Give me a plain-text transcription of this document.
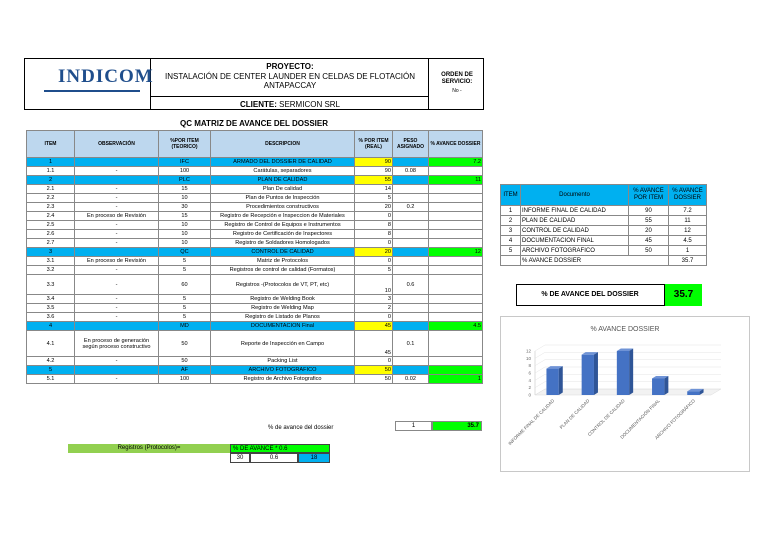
INDICOM	PROYECTO:
INSTALACIÓN DE CENTER LAUNDER EN CELDAS DE FLOTACIÓN
ANTAPACCAY
ORDEN DE
SERVICIO:
No -
CLIENTE: SERMICON SRL
QC MATRIZ DE AVANCE DEL DOSSIER
ITEM	OBSERVACIÓN	%POR ITEM (TEORICO)	DESCRIPCION	% POR ITEM (REAL)	PESO ASIGNADO	% AVANCE DOSSIER
1		IFC	ARMADO DEL DOSSIER DE CALIDAD	90		7.2
1.1	-	100	Carátulas, separadores	90	0.08	
2		PLC	PLAN DE CALIDAD	55		11
2.1	-	15	Plan De calidad	14		
2.2	-	10	Plan de Puntos de Inspección	5		
2.3	-	30	Procedimientos constructivos	20	0.2	
2.4	En proceso de Revisión	15	Registro de Recepción e Inspeccion de Materiales	0		
2.5	-	10	Registro de Control de Equipos e Instrumentos	8		
2.6	-	10	Registro de Certificación de Inspectores	8		
2.7	-	10	Registro de Soldadores Homologados	0		
3		QC	CONTROL DE CALIDAD	20		12
3.1	En proceso de Revisión	5	Matriz de Protocolos	0		
3.2	-	5	Registros de control de calidad (Formatos)	5		
3.3	-	60	Registros -(Protocolos de VT, PT, etc)	10	0.6	
3.4	-	5	Registro de Welding Book	3		
3.5	-	5	Registro de Welding Map	2		
3.6	-	5	Registro de Listado de Planos	0		
4		MD	DOCUMENTACION Final	45		4.5
4.1	En proceso de generación según proceso constructivo	50	Reporte de Inspección en Campo	45	0.1	
4.2	-	50	Packing List	0		
5		AF	ARCHIVO FOTOGRAFICO	50		
5.1	-	100	Registro de Archivo Fotografico	50	0.02	1
% de avance del dossier	1	35.7
Registros (Protocolos)=	% DE AVANCE * 0.6
30	0.6	18
ITEM	Documento	% AVANCE POR ITEM	% AVANCE DOSSIER
1	INFORME FINAL DE CALIDAD	90	7.2
2	PLAN DE CALIDAD	55	11
3	CONTROL DE CALIDAD	20	12
4	DOCUMENTACION FINAL	45	4.5
5	ARCHIVO FOTOGRAFICO	50	1
	% AVANCE DOSSIER		35.7
% DE AVANCE DEL DOSSIER	35.7
% AVANCE DOSSIER
0
2
4
6
8
10
12
INFORME FINAL DE CALIDAD PLAN DE CALIDAD
CONTROL DE CALIDAD
DOCUMENTACIÓN FINAL
ARCHIVO FOTOGRÁFICO
